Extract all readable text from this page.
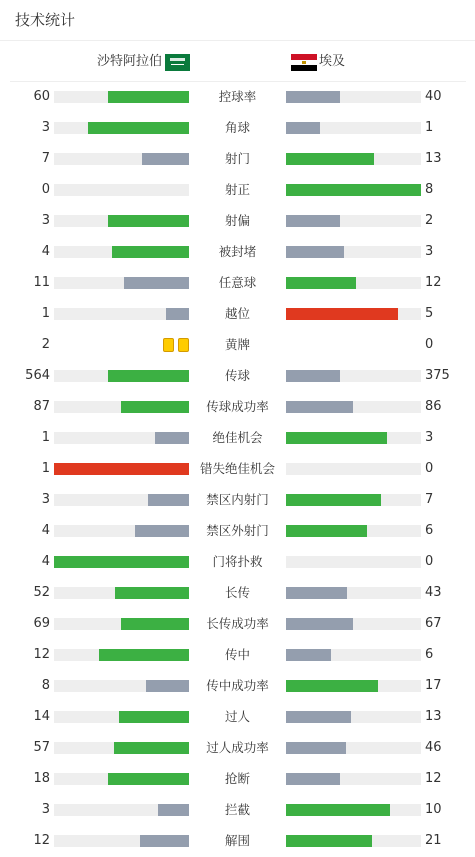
技术统计
沙特阿拉伯	埃及
60	控球率	40
3	角球	1
7	射门	13
0	射正	8
3	射偏	2
4	被封堵	3
11	任意球	12
1	越位	5
2	黄牌	0
564	传球	375
87	传球成功率	86
1	绝佳机会	3
1	错失绝佳机会	0
3	禁区内射门	7
4	禁区外射门	6
4	门将扑救	0
52	长传	43
69	长传成功率	67
12	传中	6
8	传中成功率	17
14	过人	13
57	过人成功率	46
18	抢断	12
3	拦截	10
12	解围	21
